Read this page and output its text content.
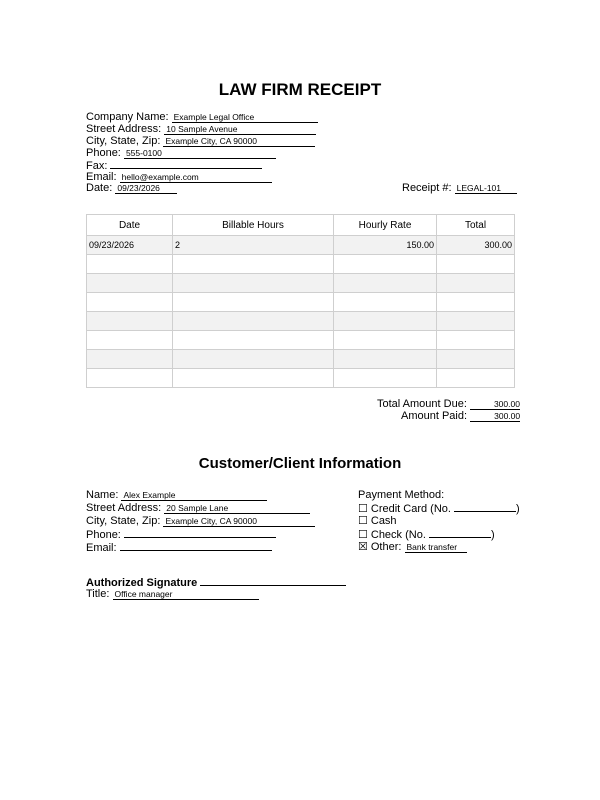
LAW FIRM RECEIPT
Company Name: Example Legal Office
Street Address: 10 Sample Avenue
City, State, Zip: Example City, CA 90000
Phone: 555-0100
Fax:
Email: hello@example.com
Date: 09/23/2026	Receipt #: LEGAL-101
Date	Billable Hours	Hourly Rate	Total
09/23/2026	2	150.00	300.00

Total Amount Due:	300.00
Amount Paid:	300.00
Customer/Client Information
Name: Alex Example
Street Address: 20 Sample Lane
City, State, Zip: Example City, CA 90000
Phone:
Email:
Payment Method:
☐ Credit Card (No.	)
☐ Cash
☐ Check (No.	)
☒ Other: Bank transfer
Authorized Signature
Title: Office manager
